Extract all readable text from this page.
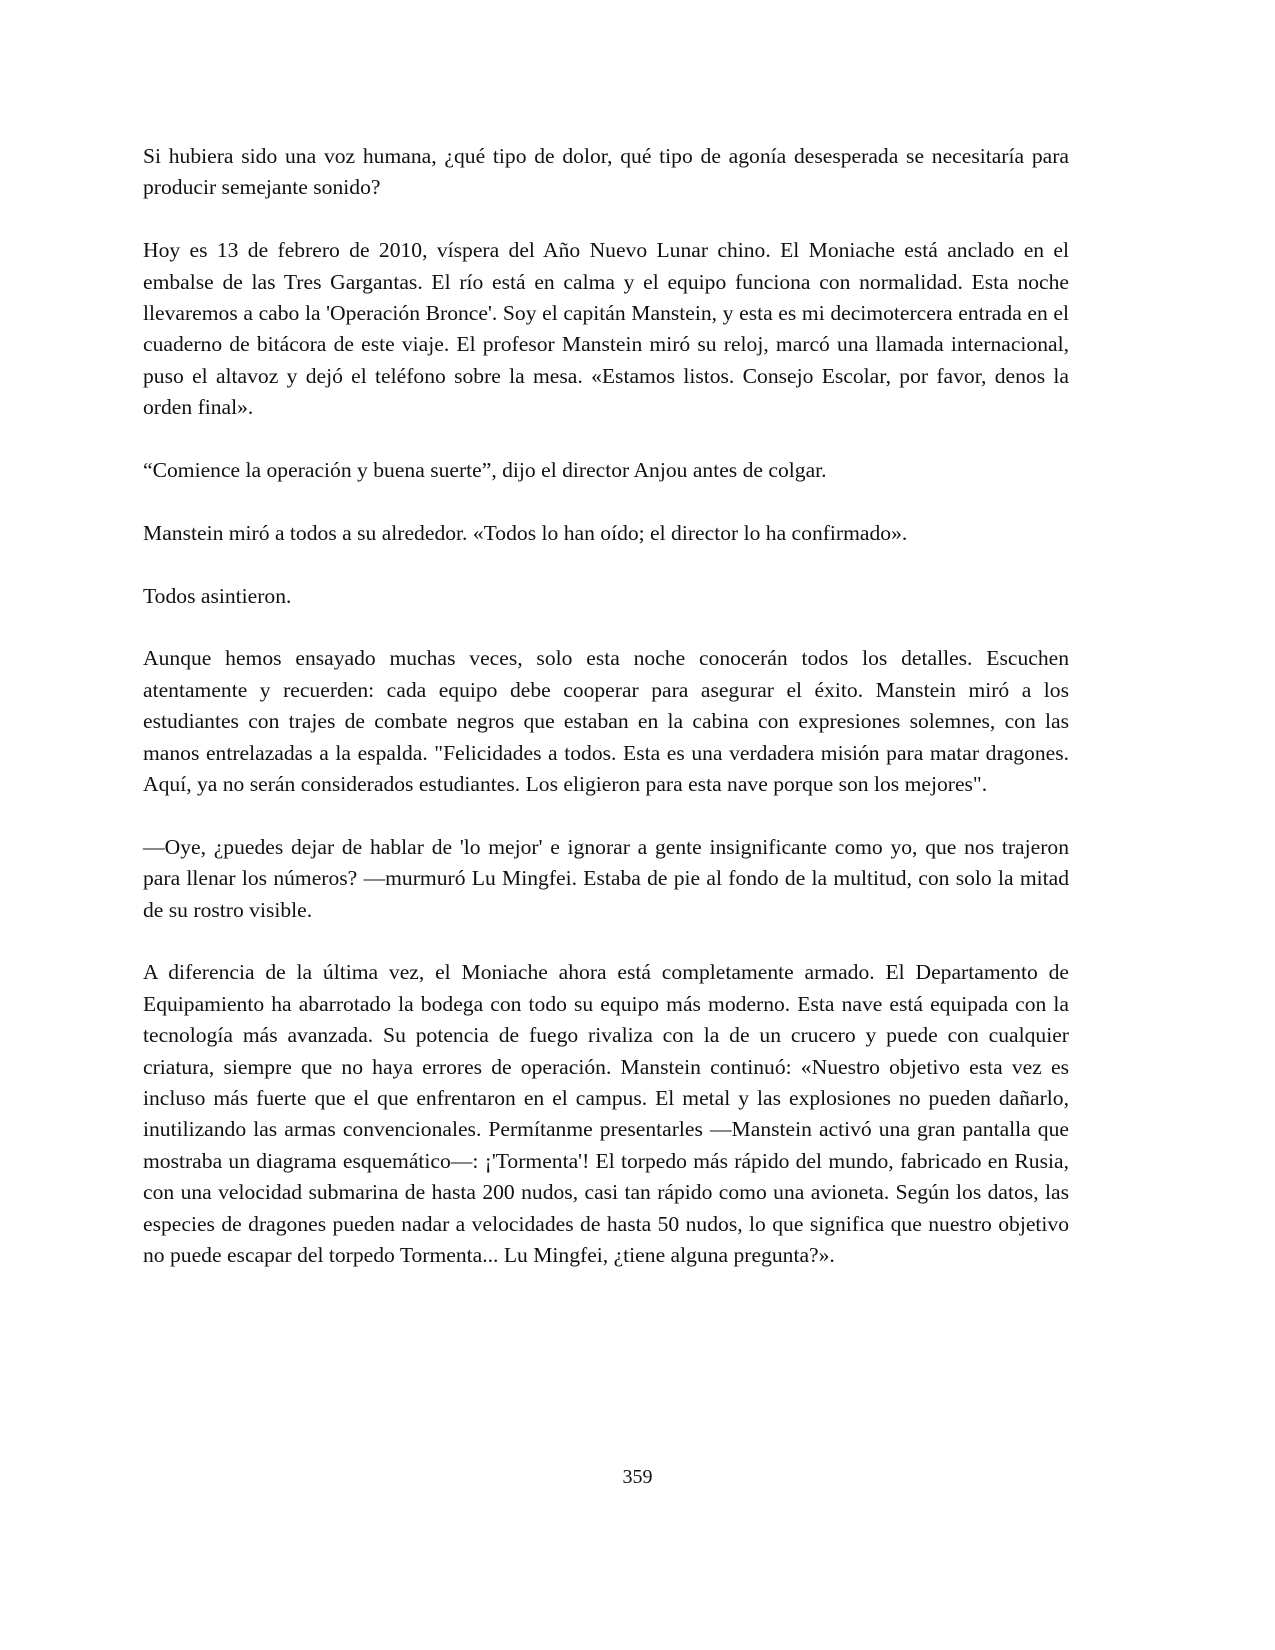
Si hubiera sido una voz humana, ¿qué tipo de dolor, qué tipo de agonía desesperada se necesitaría para producir semejante sonido?

Hoy es 13 de febrero de 2010, víspera del Año Nuevo Lunar chino. El Moniache está anclado en el embalse de las Tres Gargantas. El río está en calma y el equipo funciona con normalidad. Esta noche llevaremos a cabo la 'Operación Bronce'. Soy el capitán Manstein, y esta es mi decimotercera entrada en el cuaderno de bitácora de este viaje. El profesor Manstein miró su reloj, marcó una llamada internacional, puso el altavoz y dejó el teléfono sobre la mesa. «Estamos listos. Consejo Escolar, por favor, denos la orden final».

“Comience la operación y buena suerte”, dijo el director Anjou antes de colgar.

Manstein miró a todos a su alrededor. «Todos lo han oído; el director lo ha confirmado».

Todos asintieron.

Aunque hemos ensayado muchas veces, solo esta noche conocerán todos los detalles. Escuchen atentamente y recuerden: cada equipo debe cooperar para asegurar el éxito. Manstein miró a los estudiantes con trajes de combate negros que estaban en la cabina con expresiones solemnes, con las manos entrelazadas a la espalda. "Felicidades a todos. Esta es una verdadera misión para matar dragones. Aquí, ya no serán considerados estudiantes. Los eligieron para esta nave porque son los mejores".

—Oye, ¿puedes dejar de hablar de 'lo mejor' e ignorar a gente insignificante como yo, que nos trajeron para llenar los números? —murmuró Lu Mingfei. Estaba de pie al fondo de la multitud, con solo la mitad de su rostro visible.

A diferencia de la última vez, el Moniache ahora está completamente armado. El Departamento de Equipamiento ha abarrotado la bodega con todo su equipo más moderno. Esta nave está equipada con la tecnología más avanzada. Su potencia de fuego rivaliza con la de un crucero y puede con cualquier criatura, siempre que no haya errores de operación. Manstein continuó: «Nuestro objetivo esta vez es incluso más fuerte que el que enfrentaron en el campus. El metal y las explosiones no pueden dañarlo, inutilizando las armas convencionales. Permítanme presentarles —Manstein activó una gran pantalla que mostraba un diagrama esquemático—: ¡'Tormenta'! El torpedo más rápido del mundo, fabricado en Rusia, con una velocidad submarina de hasta 200 nudos, casi tan rápido como una avioneta. Según los datos, las especies de dragones pueden nadar a velocidades de hasta 50 nudos, lo que significa que nuestro objetivo no puede escapar del torpedo Tormenta... Lu Mingfei, ¿tiene alguna pregunta?».

359
